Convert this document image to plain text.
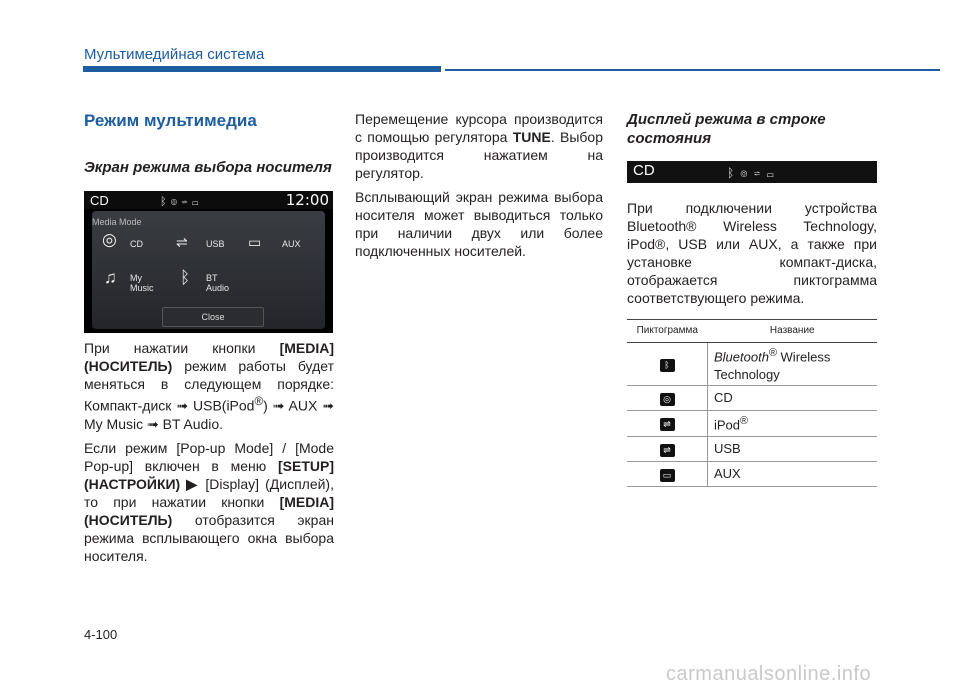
Мультимедийная система
Режим мультимедиа
Экран режима выбора носителя
CD	ᛒ◎⇌▭	12:00
Media Mode
◎ CD ⇌ USB ▭ AUX
♫ My Music
ᛒ BT Audio
Close

При нажатии кнопки [MEDIA] (НОСИТЕЛЬ) режим работы будет меняться в следующем порядке: Компакт-диск ➟ USB(iPod®) ➟ AUX ➟ My Music ➟ BT Audio.

Если режим [Pop-up Mode] / [Mode Pop-up] включен в меню [SETUP] (НАСТРОЙКИ) ▶ [Display] (Дисплей), то при нажатии кнопки [MEDIA] (НОСИТЕЛЬ) отобразится экран режима всплывающего окна выбора носителя.

Перемещение курсора производится с помощью регулятора TUNE. Выбор производится нажатием на регулятор.

Всплывающий экран режима выбора носителя может выводиться только при наличии двух или более подключенных носителей.

Дисплей режима в строке состояния
CD	ᛒ◎⇌▭

При подключении устройства Bluetooth® Wireless Technology, iPod®, USB или AUX, а также при установке компакт-диска, отображается пиктограмма соответствующего режима.

Пиктограмма	Название
ᛒ	Bluetooth® Wireless Technology
◎	CD
⇌	iPod®
⇌	USB
▭	AUX
4-100
carmanualsonline.info
